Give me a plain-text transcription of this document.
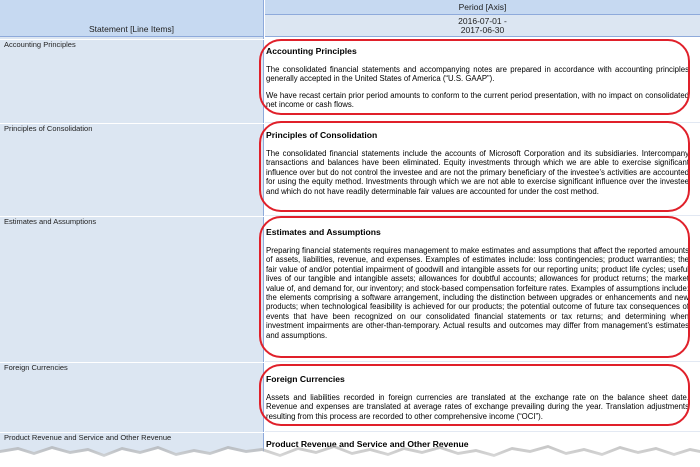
Statement [Line Items]
Period [Axis]
2016-07-01 -
2017-06-30
Accounting Principles
Principles of Consolidation
Estimates and Assumptions
Foreign Currencies
Product Revenue and Service and Other Revenue
Accounting Principles
The consolidated financial statements and accompanying notes are prepared in accordance with accounting principles generally accepted in the United States of America (“U.S. GAAP”).
We have recast certain prior period amounts to conform to the current period presentation, with no impact on consolidated net income or cash flows.
Principles of Consolidation
The consolidated financial statements include the accounts of Microsoft Corporation and its subsidiaries. Intercompany transactions and balances have been eliminated. Equity investments through which we are able to exercise significant influence over but do not control the investee and are not the primary beneficiary of the investee’s activities are accounted for using the equity method. Investments through which we are not able to exercise significant influence over the investee and which do not have readily determinable fair values are accounted for under the cost method.
Estimates and Assumptions
Preparing financial statements requires management to make estimates and assumptions that affect the reported amounts of assets, liabilities, revenue, and expenses. Examples of estimates include: loss contingencies; product warranties; the fair value of and/or potential impairment of goodwill and intangible assets for our reporting units; product life cycles; useful lives of our tangible and intangible assets; allowances for doubtful accounts; allowances for product returns; the market value of, and demand for, our inventory; and stock-based compensation forfeiture rates. Examples of assumptions include: the elements comprising a software arrangement, including the distinction between upgrades or enhancements and new products; when technological feasibility is achieved for our products; the potential outcome of future tax consequences of events that have been recognized on our consolidated financial statements or tax returns; and determining when investment impairments are other-than-temporary. Actual results and outcomes may differ from management’s estimates and assumptions.
Foreign Currencies
Assets and liabilities recorded in foreign currencies are translated at the exchange rate on the balance sheet date. Revenue and expenses are translated at average rates of exchange prevailing during the year. Translation adjustments resulting from this process are recorded to other comprehensive income (“OCI”).
Product Revenue and Service and Other Revenue
